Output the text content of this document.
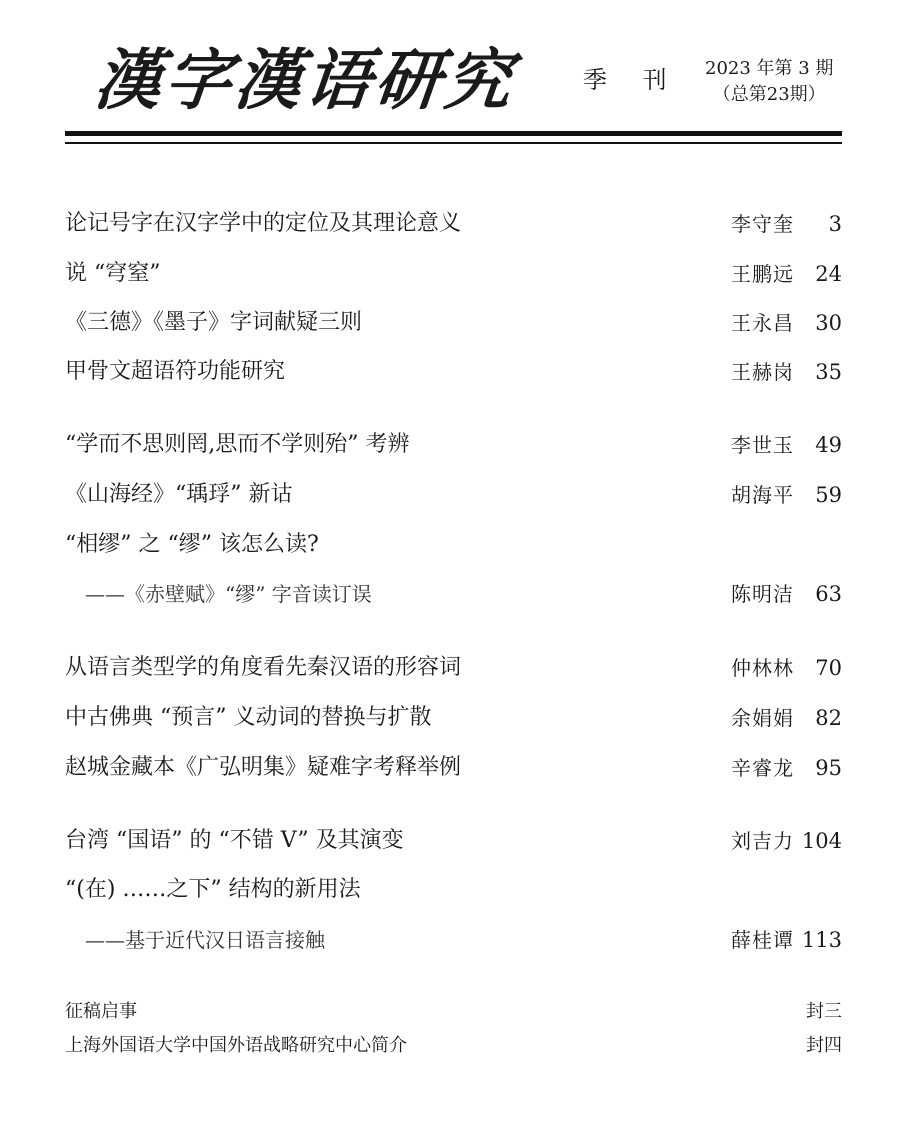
漢字漢语研究	季 刊 2023 年第 3 期
（总第23期）
论记号字在汉字学中的定位及其理论意义	李守奎	3
说 “穹窒”	王鹏远	24
《三德》《墨子》字词献疑三则	王永昌	30
甲骨文超语符功能研究	王赫岗	35
“学而不思则罔,思而不学则殆” 考辨	李世玉	49
《山海经》“瑀琈” 新诂	胡海平	59
“相缪” 之 “缪” 该怎么读?
——《赤壁赋》“缪” 字音读订误	陈明洁	63
从语言类型学的角度看先秦汉语的形容词	仲林林	70
中古佛典 “预言” 义动词的替换与扩散	余娟娟	82
赵城金藏本《广弘明集》疑难字考释举例	辛睿龙	95
台湾 “国语” 的 “不错 V” 及其演变	刘吉力 104
“(在) ……之下” 结构的新用法
——基于近代汉日语言接触	薛桂谭 113
征稿启事	封三
上海外国语大学中国外语战略研究中心简介	封四
